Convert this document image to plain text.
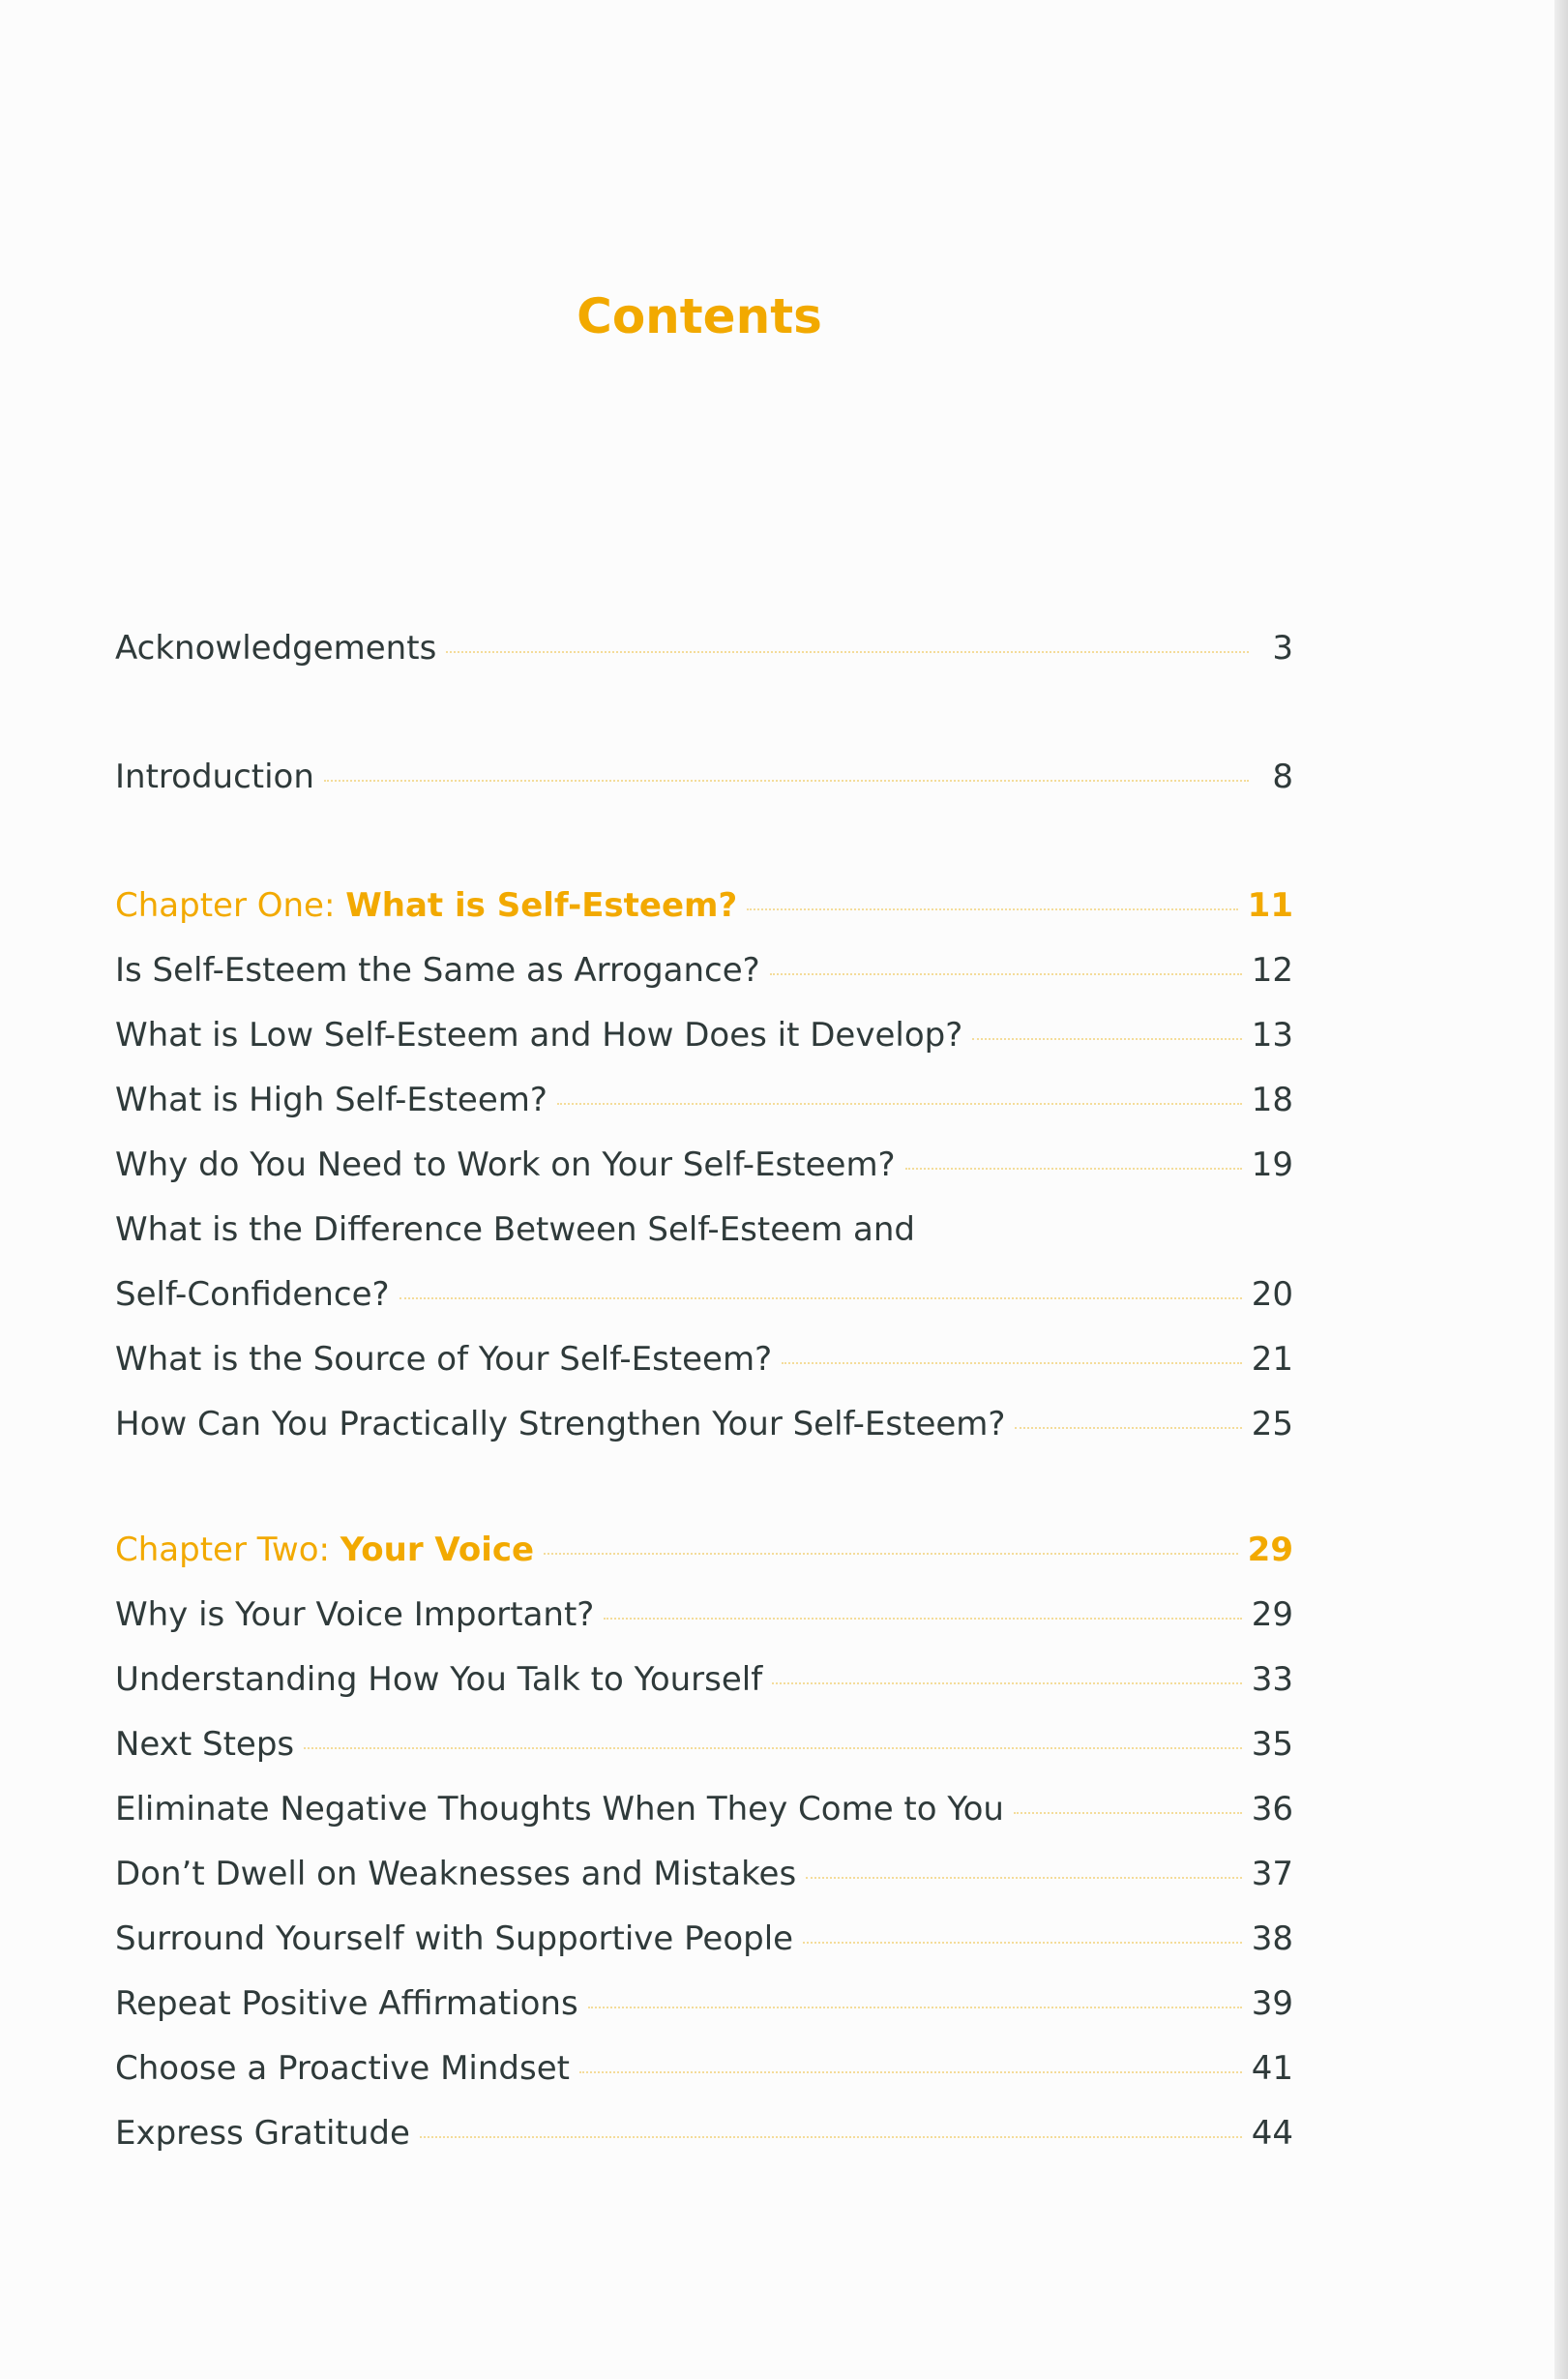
Contents
Acknowledgements	3
Introduction	8
Chapter One: What is Self-Esteem?	11
Is Self-Esteem the Same as Arrogance?	12
What is Low Self-Esteem and How Does it Develop?	13
What is High Self-Esteem?	18
Why do You Need to Work on Your Self-Esteem?	19
What is the Difference Between Self-Esteem and
Self-Confidence?	20
What is the Source of Your Self-Esteem?	21
How Can You Practically Strengthen Your Self-Esteem?	25
Chapter Two: Your Voice	29
Why is Your Voice Important?	29
Understanding How You Talk to Yourself	33
Next Steps	35
Eliminate Negative Thoughts When They Come to You	36
Don’t Dwell on Weaknesses and Mistakes	37
Surround Yourself with Supportive People	38
Repeat Positive Affirmations	39
Choose a Proactive Mindset	41
Express Gratitude	44
